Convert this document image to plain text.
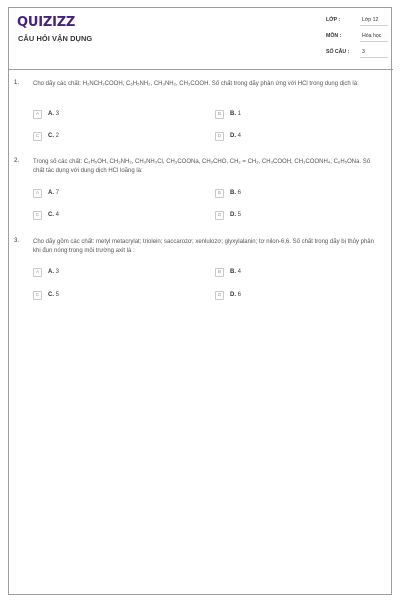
QUIZIZZ
CÂU HỎI VẬN DỤNG
LỚP :	Lớp 12
MÔN :	Hóa học
SỐ CÂU : 3
1. Cho dãy các chất: H₂NCH₂COOH, C₆H₅NH₂, CH₃NH₂, CH₃COOH. Số chất trong dãy phản ứng với HCl trong dung dịch là:
A	A. 3	B	B. 1
C	C. 2	D	D. 4
2. Trong số các chất: C₂H₅OH, CH₃NH₂, CH₃NH₃Cl, CH₃COONa, CH₃CHO, CH₂ = CH₂, CH₃COOH, CH₃COONH₄, C₆H₅ONa. Số chất tác dụng với dung dịch HCl loãng là:
A	A. 7	B	B. 6
C	C. 4	D	D. 5
3. Cho dãy gồm các chất: metyl metacrylat; triolein; saccarozơ; xenlulozơ; glyxylalanin; tơ nilon-6,6. Số chất trong dãy bị thủy phân khi đun nóng trong môi trường axit là :
A	A. 3	B	B. 4
C	C. 5	D	D. 6
